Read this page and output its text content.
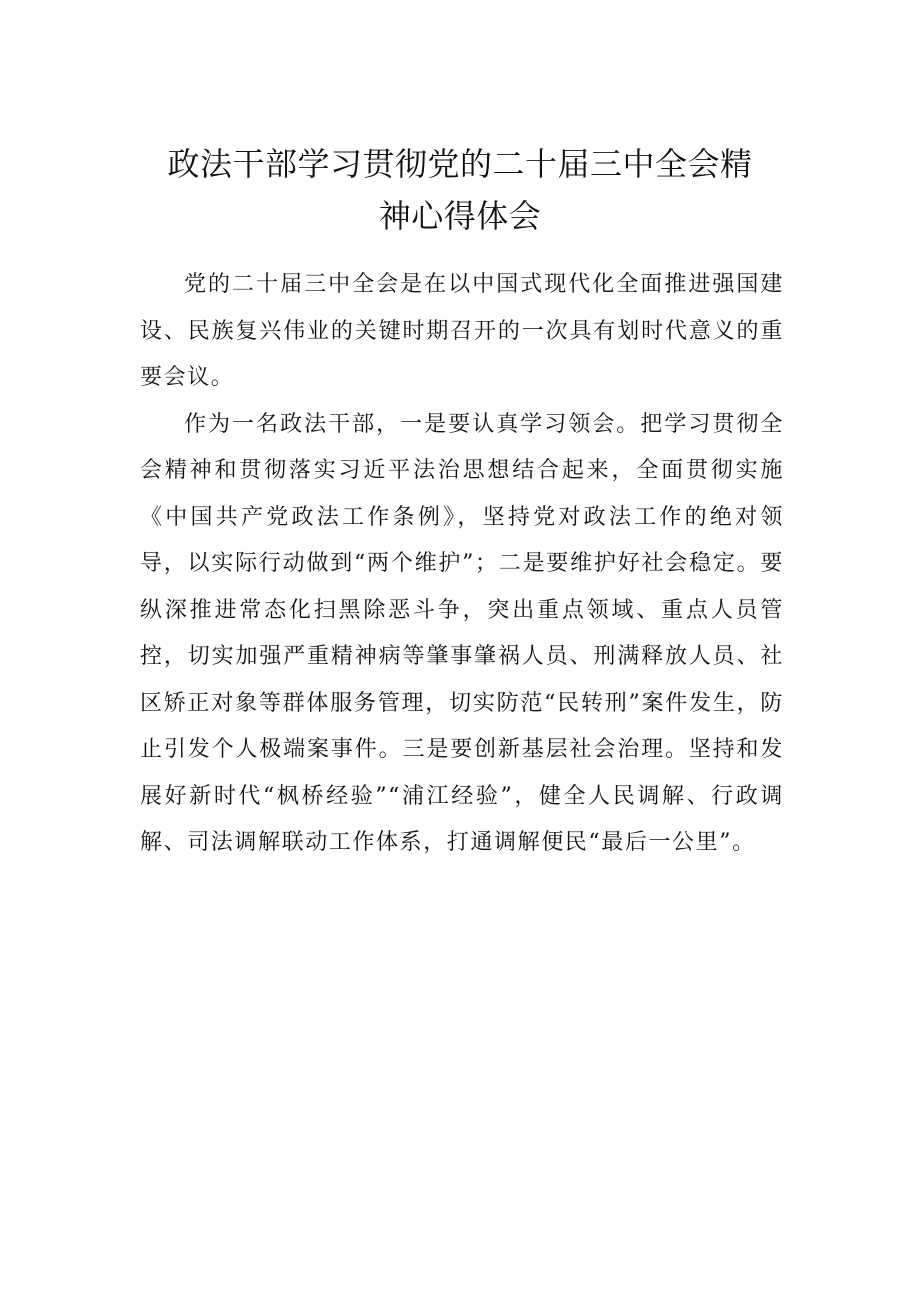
政法干部学习贯彻党的二十届三中全会精
神心得体会

党的二十届三中全会是在以中国式现代化全面推进强国建设、民族复兴伟业的关键时期召开的一次具有划时代意义的重要会议。

作为一名政法干部，一是要认真学习领会。把学习贯彻全会精神和贯彻落实习近平法治思想结合起来，全面贯彻实施《中国共产党政法工作条例》，坚持党对政法工作的绝对领导，以实际行动做到“两个维护”；二是要维护好社会稳定。要纵深推进常态化扫黑除恶斗争，突出重点领域、重点人员管控，切实加强严重精神病等肇事肇祸人员、刑满释放人员、社区矫正对象等群体服务管理，切实防范“民转刑”案件发生，防止引发个人极端案事件。三是要创新基层社会治理。坚持和发展好新时代“枫桥经验”“浦江经验”，健全人民调解、行政调解、司法调解联动工作体系，打通调解便民“最后一公里”。
